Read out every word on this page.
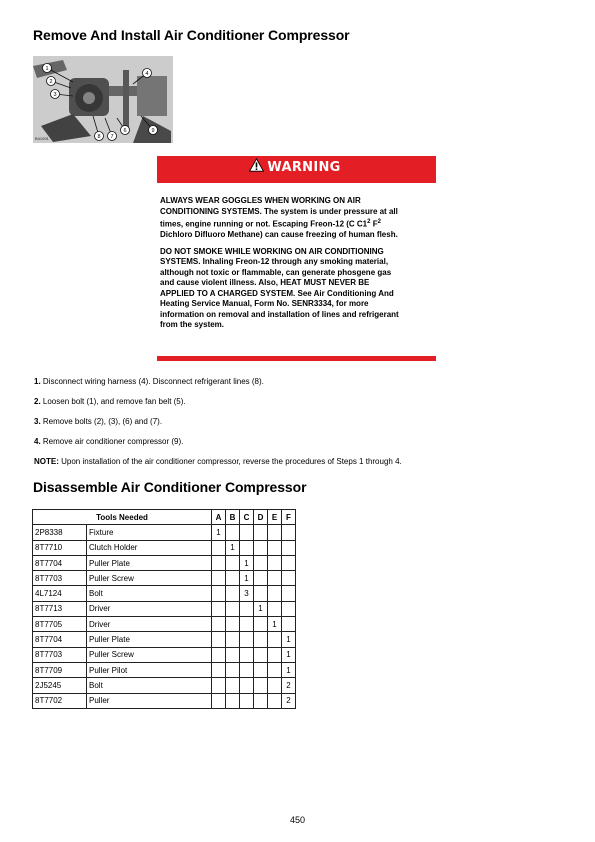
Remove And Install Air Conditioner Compressor
1
2
3
4
6
7
8
9
B41091
WARNING

ALWAYS WEAR GOGGLES WHEN WORKING ON AIR
CONDITIONING SYSTEMS. The system is under pressure at all
times, engine running or not. Escaping Freon-12 (C $C1^2$ $F^2$
Dichloro Difluoro Methane) can cause freezing of human flesh.

DO NOT SMOKE WHILE WORKING ON AIR CONDITIONING
SYSTEMS. Inhaling Freon-12 through any smoking material,
although not toxic or flammable, can generate phosgene gas
and cause violent illness. Also, HEAT MUST NEVER BE
APPLIED TO A CHARGED SYSTEM. See Air Conditioning And
Heating Service Manual, Form No. SENR3334, for more
information on removal and installation of lines and refrigerant
from the system.

1. Disconnect wiring harness (4). Disconnect refrigerant lines (8).
2. Loosen bolt (1), and remove fan belt (5).
3. Remove bolts (2), (3), (6) and (7).
4. Remove air conditioner compressor (9).
NOTE: Upon installation of the air conditioner compressor, reverse the procedures of Steps 1 through 4.
Disassemble Air Conditioner Compressor
Tools Needed		A	B	C	D	E	F
2P8338	Fixture	1					
8T7710	Clutch Holder		1				
8T7704	Puller Plate			1			
8T7703	Puller Screw			1			
4L7124	Bolt			3			
8T7713	Driver				1		
8T7705	Driver					1	
8T7704	Puller Plate						1
8T7703	Puller Screw						1
8T7709	Puller Pilot						1
2J5245	Bolt						2
8T7702	Puller						2
450
